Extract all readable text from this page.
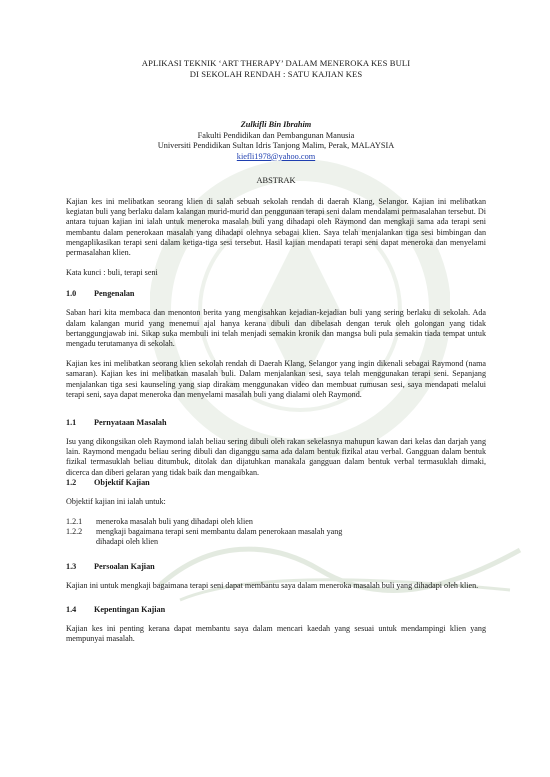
APLIKASI TEKNIK ‘ART THERAPY’ DALAM MENEROKA KES BULI

DI SEKOLAH RENDAH : SATU KAJIAN KES

Zulkifli Bin Ibrahim
Fakulti Pendidikan dan Pembangunan Manusia
Universiti Pendidikan Sultan Idris Tanjong Malim, Perak, MALAYSIA
kiefli1978@yahoo.com
ABSTRAK

Kajian kes ini melibatkan seorang klien di salah sebuah sekolah rendah di daerah Klang, Selangor. Kajian ini melibatkan kegiatan buli yang berlaku dalam kalangan murid-murid dan penggunaan terapi seni dalam mendalami permasalahan tersebut. Di antara tujuan kajian ini ialah untuk meneroka masalah buli yang dihadapi oleh Raymond dan mengkaji sama ada terapi seni membantu dalam penerokaan masalah yang dihadapi olehnya sebagai klien. Saya telah menjalankan tiga sesi bimbingan dan mengaplikasikan terapi seni dalam ketiga-tiga sesi tersebut. Hasil kajian mendapati terapi seni dapat meneroka dan menyelami permasalahan klien.

Kata kunci : buli, terapi seni

1.0	Pengenalan

Saban hari kita membaca dan menonton berita yang mengisahkan kejadian-kejadian buli yang sering berlaku di sekolah. Ada dalam kalangan murid yang menemui ajal hanya kerana dibuli dan dibelasah dengan teruk oleh golongan yang tidak bertanggungjawab ini. Sikap suka membuli ini telah menjadi semakin kronik dan mangsa buli pula semakin tiada tempat untuk mengadu terutamanya di sekolah.

Kajian kes ini melibatkan seorang klien sekolah rendah di Daerah Klang, Selangor yang ingin dikenali sebagai Raymond (nama samaran). Kajian kes ini melibatkan masalah buli. Dalam menjalankan sesi, saya telah menggunakan terapi seni. Sepanjang menjalankan tiga sesi kaunseling yang siap dirakam menggunakan video dan membuat rumusan sesi, saya mendapati melalui terapi seni, saya dapat meneroka dan menyelami masalah buli yang dialami oleh Raymond.

1.1	Pernyataan Masalah

Isu yang dikongsikan oleh Raymond ialah beliau sering dibuli oleh rakan sekelasnya mahupun kawan dari kelas dan darjah yang lain. Raymond mengadu beliau sering dibuli dan diganggu sama ada dalam bentuk fizikal atau verbal. Gangguan dalam bentuk fizikal termasuklah beliau ditumbuk, ditolak dan dijatuhkan manakala gangguan dalam bentuk verbal termasuklah dimaki, dicerca dan diberi gelaran yang tidak baik dan mengaibkan.

1.2	Objektif Kajian

Objektif kajian ini ialah untuk:

1.2.1	meneroka masalah buli yang dihadapi oleh klien
1.2.2	mengkaji bagaimana terapi seni membantu dalam penerokaan masalah yang dihadapi oleh klien
1.3	Persoalan Kajian

Kajian ini untuk mengkaji bagaimana terapi seni dapat membantu saya dalam meneroka masalah buli yang dihadapi oleh klien.

1.4	Kepentingan Kajian

Kajian kes ini penting kerana dapat membantu saya dalam mencari kaedah yang sesuai untuk mendampingi klien yang mempunyai masalah.
